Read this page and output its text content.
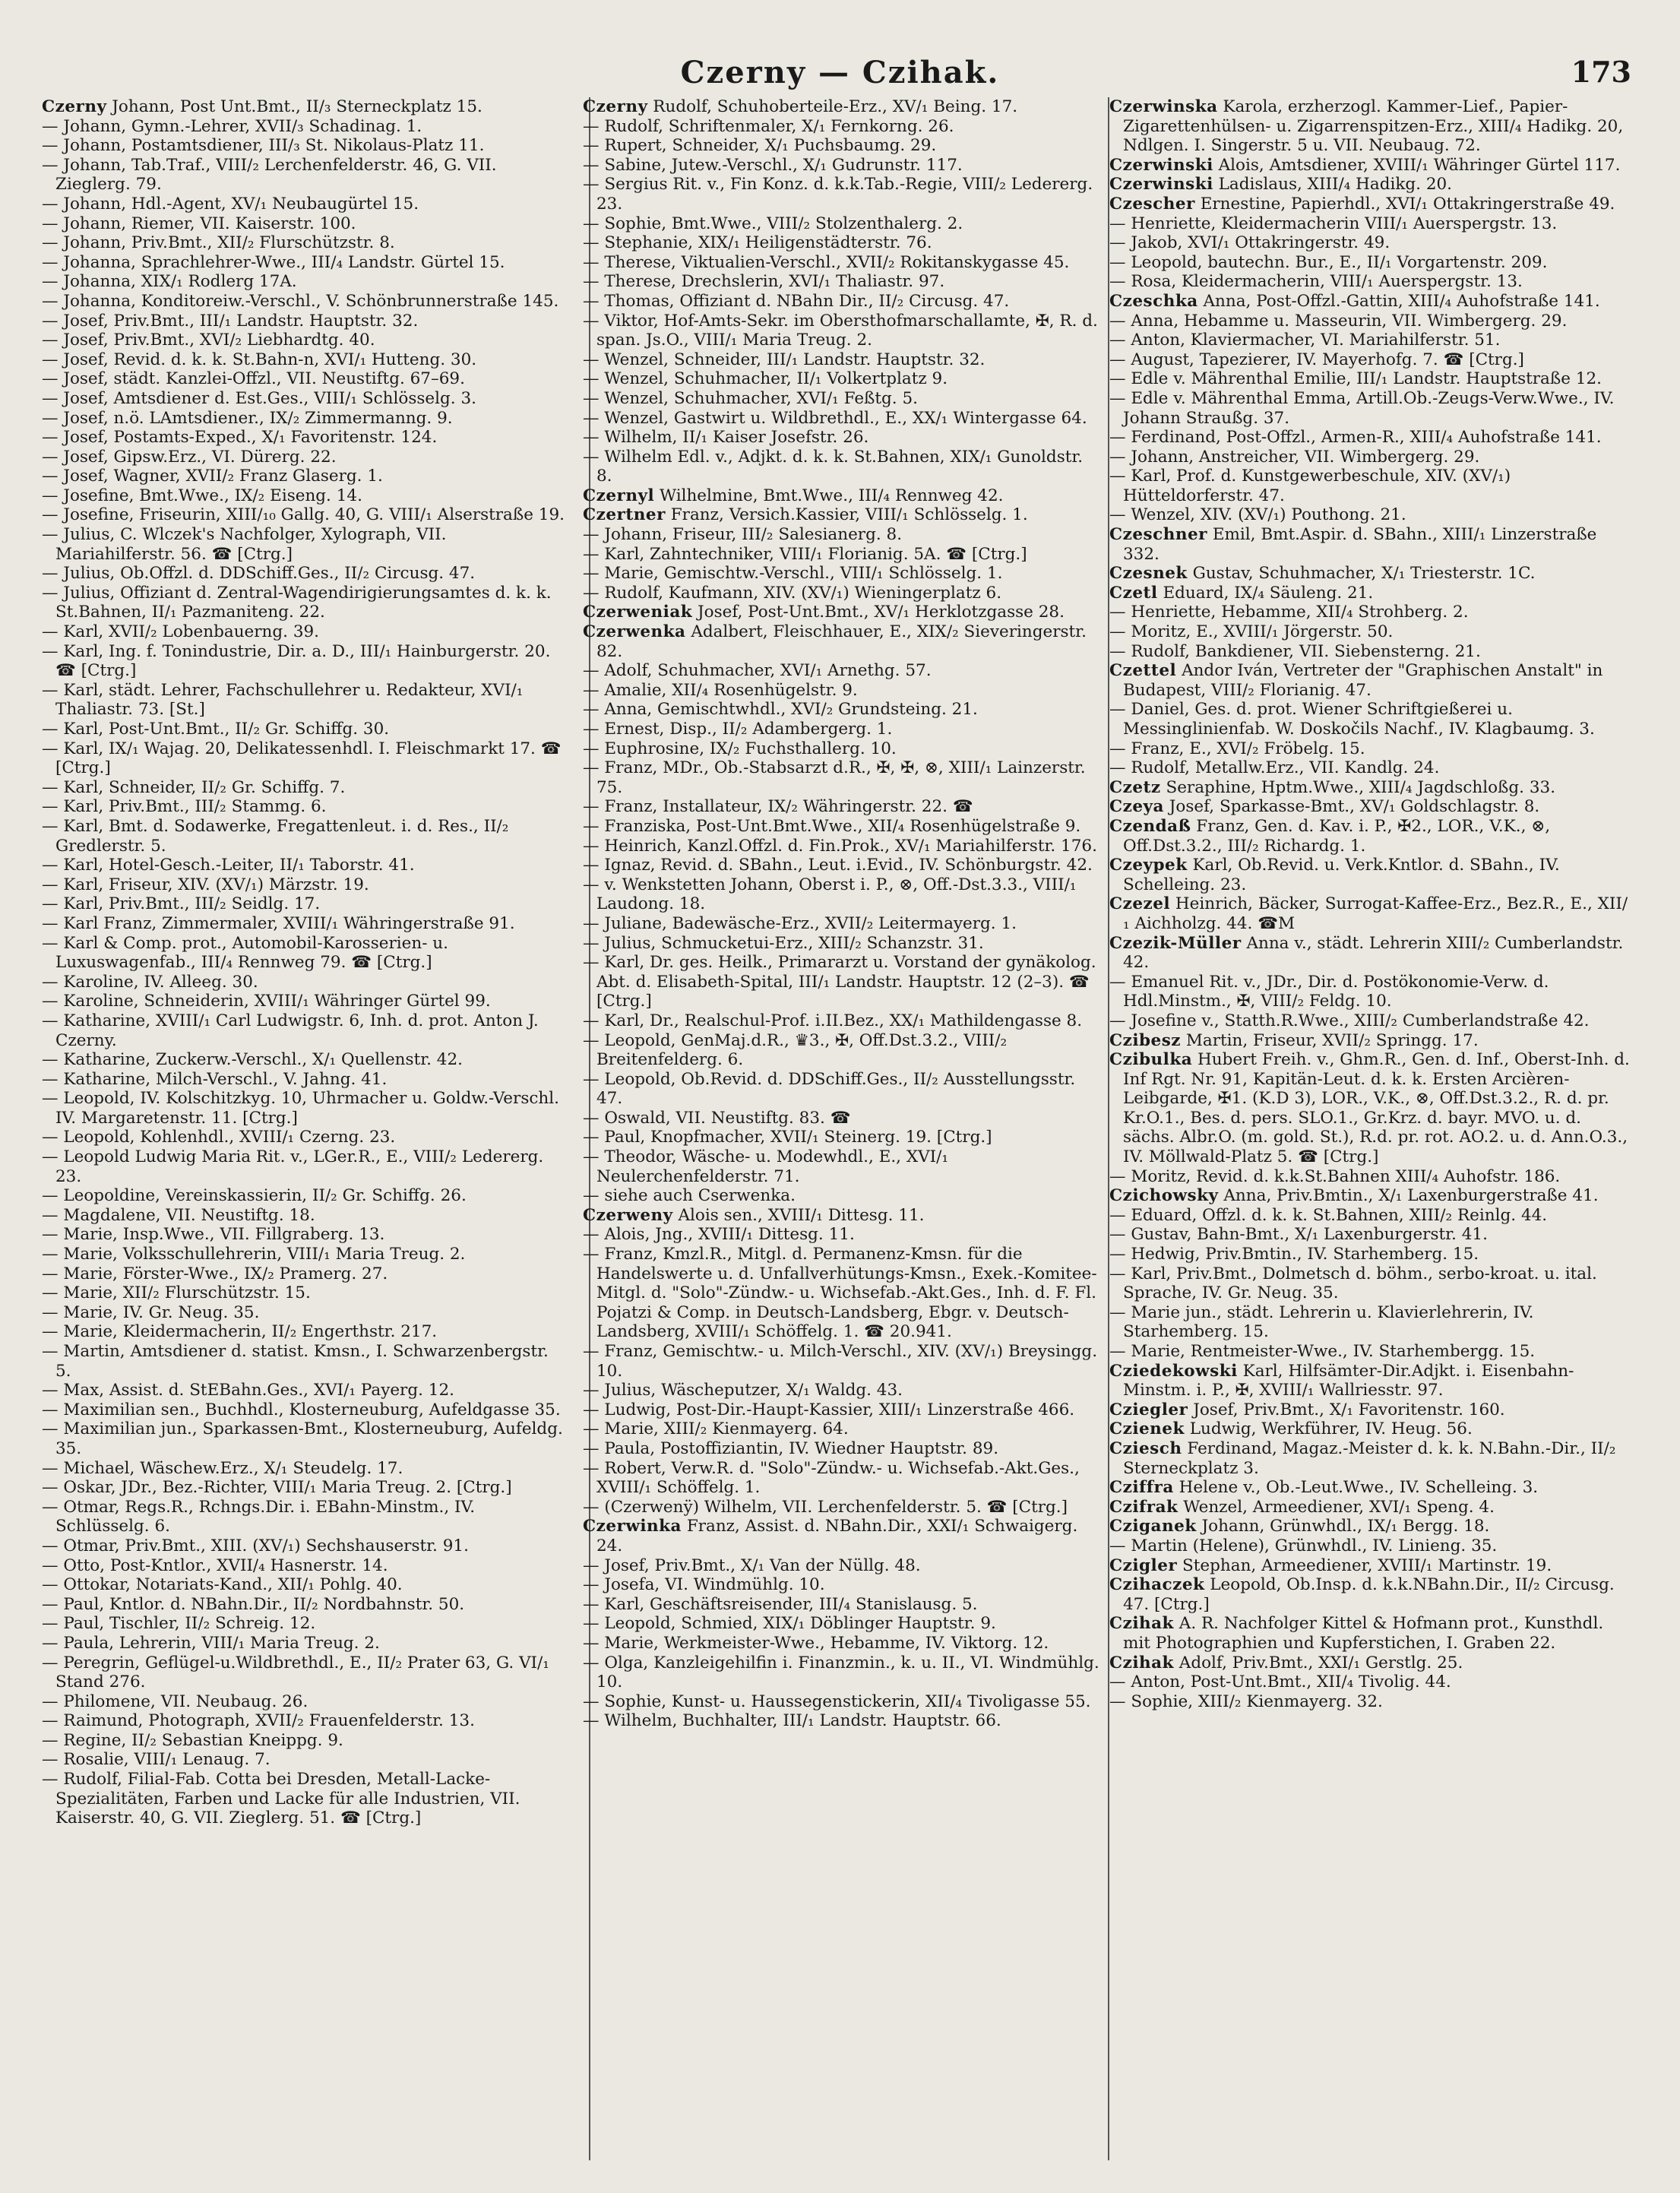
Czerny — Czihak.	173

Czerny Johann, Post Unt.Bmt., II/₃ Sterneckplatz 15.

— Johann, Gymn.-Lehrer, XVII/₃ Schadinag. 1.

— Johann, Postamtsdiener, III/₃ St. Nikolaus-Platz 11.

— Johann, Tab.Traf., VIII/₂ Lerchenfelderstr. 46, G. VII. Zieglerg. 79.

— Johann, Hdl.-Agent, XV/₁ Neubaugürtel 15.

— Johann, Riemer, VII. Kaiserstr. 100.

— Johann, Priv.Bmt., XII/₂ Flurschützstr. 8.

— Johanna, Sprachlehrer-Wwe., III/₄ Landstr. Gürtel 15.

— Johanna, XIX/₁ Rodlerg 17A.

— Johanna, Konditoreiw.-Verschl., V. Schönbrunnerstraße 145.

— Josef, Priv.Bmt., III/₁ Landstr. Hauptstr. 32.

— Josef, Priv.Bmt., XVI/₂ Liebhardtg. 40.

— Josef, Revid. d. k. k. St.Bahn-n, XVI/₁ Hutteng. 30.

— Josef, städt. Kanzlei-Offzl., VII. Neustiftg. 67–69.

— Josef, Amtsdiener d. Est.Ges., VIII/₁ Schlösselg. 3.

— Josef, n.ö. LAmtsdiener., IX/₂ Zimmermanng. 9.

— Josef, Postamts-Exped., X/₁ Favoritenstr. 124.

— Josef, Gipsw.Erz., VI. Dürerg. 22.

— Josef, Wagner, XVII/₂ Franz Glaserg. 1.

— Josefine, Bmt.Wwe., IX/₂ Eiseng. 14.

— Josefine, Friseurin, XIII/₁₀ Gallg. 40, G. VIII/₁ Alserstraße 19.

— Julius, C. Wlczek's Nachfolger, Xylograph, VII. Mariahilferstr. 56. ☎ [Ctrg.]

— Julius, Ob.Offzl. d. DDSchiff.Ges., II/₂ Circusg. 47.

— Julius, Offiziant d. Zentral-Wagendirigierungsamtes d. k. k. St.Bahnen, II/₁ Pazmaniteng. 22.

— Karl, XVII/₂ Lobenbauerng. 39.

— Karl, Ing. f. Tonindustrie, Dir. a. D., III/₁ Hainburgerstr. 20. ☎ [Ctrg.]

— Karl, städt. Lehrer, Fachschullehrer u. Redakteur, XVI/₁ Thaliastr. 73. [St.]

— Karl, Post-Unt.Bmt., II/₂ Gr. Schiffg. 30.

— Karl, IX/₁ Wajag. 20, Delikatessenhdl. I. Fleischmarkt 17. ☎ [Ctrg.]

— Karl, Schneider, II/₂ Gr. Schiffg. 7.

— Karl, Priv.Bmt., III/₂ Stammg. 6.

— Karl, Bmt. d. Sodawerke, Fregattenleut. i. d. Res., II/₂ Gredlerstr. 5.

— Karl, Hotel-Gesch.-Leiter, II/₁ Taborstr. 41.

— Karl, Friseur, XIV. (XV/₁) Märzstr. 19.

— Karl, Priv.Bmt., III/₂ Seidlg. 17.

— Karl Franz, Zimmermaler, XVIII/₁ Währingerstraße 91.

— Karl & Comp. prot., Automobil-Karosserien- u. Luxuswagenfab., III/₄ Rennweg 79. ☎ [Ctrg.]

— Karoline, IV. Alleeg. 30.

— Karoline, Schneiderin, XVIII/₁ Währinger Gürtel 99.

— Katharine, XVIII/₁ Carl Ludwigstr. 6, Inh. d. prot. Anton J. Czerny.

— Katharine, Zuckerw.-Verschl., X/₁ Quellenstr. 42.

— Katharine, Milch-Verschl., V. Jahng. 41.

— Leopold, IV. Kolschitzkyg. 10, Uhrmacher u. Goldw.-Verschl. IV. Margaretenstr. 11. [Ctrg.]

— Leopold, Kohlenhdl., XVIII/₁ Czerng. 23.

— Leopold Ludwig Maria Rit. v., LGer.R., E., VIII/₂ Ledererg. 23.

— Leopoldine, Vereinskassierin, II/₂ Gr. Schiffg. 26.

— Magdalene, VII. Neustiftg. 18.

— Marie, Insp.Wwe., VII. Fillgraberg. 13.

— Marie, Volksschullehrerin, VIII/₁ Maria Treug. 2.

— Marie, Förster-Wwe., IX/₂ Pramerg. 27.

— Marie, XII/₂ Flurschützstr. 15.

— Marie, IV. Gr. Neug. 35.

— Marie, Kleidermacherin, II/₂ Engerthstr. 217.

— Martin, Amtsdiener d. statist. Kmsn., I. Schwarzenbergstr. 5.

— Max, Assist. d. StEBahn.Ges., XVI/₁ Payerg. 12.

— Maximilian sen., Buchhdl., Klosterneuburg, Aufeldgasse 35.

— Maximilian jun., Sparkassen-Bmt., Klosterneuburg, Aufeldg. 35.

— Michael, Wäschew.Erz., X/₁ Steudelg. 17.

— Oskar, JDr., Bez.-Richter, VIII/₁ Maria Treug. 2. [Ctrg.]

— Otmar, Regs.R., Rchngs.Dir. i. EBahn-Minstm., IV. Schlüsselg. 6.

— Otmar, Priv.Bmt., XIII. (XV/₁) Sechshauserstr. 91.

— Otto, Post-Kntlor., XVII/₄ Hasnerstr. 14.

— Ottokar, Notariats-Kand., XII/₁ Pohlg. 40.

— Paul, Kntlor. d. NBahn.Dir., II/₂ Nordbahnstr. 50.

— Paul, Tischler, II/₂ Schreig. 12.

— Paula, Lehrerin, VIII/₁ Maria Treug. 2.

— Peregrin, Geflügel-u.Wildbrethdl., E., II/₂ Prater 63, G. VI/₁ Stand 276.

— Philomene, VII. Neubaug. 26.

— Raimund, Photograph, XVII/₂ Frauenfelderstr. 13.

— Regine, II/₂ Sebastian Kneippg. 9.

— Rosalie, VIII/₁ Lenaug. 7.

— Rudolf, Filial-Fab. Cotta bei Dresden, Metall-Lacke-Spezialitäten, Farben und Lacke für alle Industrien, VII. Kaiserstr. 40, G. VII. Zieglerg. 51. ☎ [Ctrg.]

Czerny Rudolf, Schuhoberteile-Erz., XV/₁ Being. 17.

— Rudolf, Schriftenmaler, X/₁ Fernkorng. 26.

— Rupert, Schneider, X/₁ Puchsbaumg. 29.

— Sabine, Jutew.-Verschl., X/₁ Gudrunstr. 117.

— Sergius Rit. v., Fin Konz. d. k.k.Tab.-Regie, VIII/₂ Ledererg. 23.

— Sophie, Bmt.Wwe., VIII/₂ Stolzenthalerg. 2.

— Stephanie, XIX/₁ Heiligenstädterstr. 76.

— Therese, Viktualien-Verschl., XVII/₂ Rokitanskygasse 45.

— Therese, Drechslerin, XVI/₁ Thaliastr. 97.

— Thomas, Offiziant d. NBahn Dir., II/₂ Circusg. 47.

— Viktor, Hof-Amts-Sekr. im Obersthofmarschallamte, ✠, R. d. span. Js.O., VIII/₁ Maria Treug. 2.

— Wenzel, Schneider, III/₁ Landstr. Hauptstr. 32.

— Wenzel, Schuhmacher, II/₁ Volkertplatz 9.

— Wenzel, Schuhmacher, XVI/₁ Feßtg. 5.

— Wenzel, Gastwirt u. Wildbrethdl., E., XX/₁ Wintergasse 64.

— Wilhelm, II/₁ Kaiser Josefstr. 26.

— Wilhelm Edl. v., Adjkt. d. k. k. St.Bahnen, XIX/₁ Gunoldstr. 8.

Czernyl Wilhelmine, Bmt.Wwe., III/₄ Rennweg 42.

Czertner Franz, Versich.Kassier, VIII/₁ Schlösselg. 1.

— Johann, Friseur, III/₂ Salesianerg. 8.

— Karl, Zahntechniker, VIII/₁ Florianig. 5A. ☎ [Ctrg.]

— Marie, Gemischtw.-Verschl., VIII/₁ Schlösselg. 1.

— Rudolf, Kaufmann, XIV. (XV/₁) Wieningerplatz 6.

Czerweniak Josef, Post-Unt.Bmt., XV/₁ Herklotzgasse 28.

Czerwenka Adalbert, Fleischhauer, E., XIX/₂ Sieveringerstr. 82.

— Adolf, Schuhmacher, XVI/₁ Arnethg. 57.

— Amalie, XII/₄ Rosenhügelstr. 9.

— Anna, Gemischtwhdl., XVI/₂ Grundsteing. 21.

— Ernest, Disp., II/₂ Adambergerg. 1.

— Euphrosine, IX/₂ Fuchsthallerg. 10.

— Franz, MDr., Ob.-Stabsarzt d.R., ✠, ✠, ⊗, XIII/₁ Lainzerstr. 75.

— Franz, Installateur, IX/₂ Währingerstr. 22. ☎

— Franziska, Post-Unt.Bmt.Wwe., XII/₄ Rosenhügelstraße 9.

— Heinrich, Kanzl.Offzl. d. Fin.Prok., XV/₁ Mariahilferstr. 176.

— Ignaz, Revid. d. SBahn., Leut. i.Evid., IV. Schönburgstr. 42.

— v. Wenkstetten Johann, Oberst i. P., ⊗, Off.-Dst.3.3., VIII/₁ Laudong. 18.

— Juliane, Badewäsche-Erz., XVII/₂ Leitermayerg. 1.

— Julius, Schmucketui-Erz., XIII/₂ Schanzstr. 31.

— Karl, Dr. ges. Heilk., Primararzt u. Vorstand der gynäkolog. Abt. d. Elisabeth-Spital, III/₁ Landstr. Hauptstr. 12 (2–3). ☎ [Ctrg.]

— Karl, Dr., Realschul-Prof. i.II.Bez., XX/₁ Mathildengasse 8.

— Leopold, GenMaj.d.R., ♛3., ✠, Off.Dst.3.2., VIII/₂ Breitenfelderg. 6.

— Leopold, Ob.Revid. d. DDSchiff.Ges., II/₂ Ausstellungsstr. 47.

— Oswald, VII. Neustiftg. 83. ☎

— Paul, Knopfmacher, XVII/₁ Steinerg. 19. [Ctrg.]

— Theodor, Wäsche- u. Modewhdl., E., XVI/₁ Neulerchenfelderstr. 71.

— siehe auch Cserwenka.

Czerweny Alois sen., XVIII/₁ Dittesg. 11.

— Alois, Jng., XVIII/₁ Dittesg. 11.

— Franz, Kmzl.R., Mitgl. d. Permanenz-Kmsn. für die Handelswerte u. d. Unfallverhütungs-Kmsn., Exek.-Komitee-Mitgl. d. "Solo"-Zündw.- u. Wichsefab.-Akt.Ges., Inh. d. F. Fl. Pojatzi & Comp. in Deutsch-Landsberg, Ebgr. v. Deutsch-Landsberg, XVIII/₁ Schöffelg. 1. ☎ 20.941.

— Franz, Gemischtw.- u. Milch-Verschl., XIV. (XV/₁) Breysingg. 10.

— Julius, Wäscheputzer, X/₁ Waldg. 43.

— Ludwig, Post-Dir.-Haupt-Kassier, XIII/₁ Linzerstraße 466.

— Marie, XIII/₂ Kienmayerg. 64.

— Paula, Postoffiziantin, IV. Wiedner Hauptstr. 89.

— Robert, Verw.R. d. "Solo"-Zündw.- u. Wichsefab.-Akt.Ges., XVIII/₁ Schöffelg. 1.

— (Czerwenÿ) Wilhelm, VII. Lerchenfelderstr. 5. ☎ [Ctrg.]

Czerwinka Franz, Assist. d. NBahn.Dir., XXI/₁ Schwaigerg. 24.

— Josef, Priv.Bmt., X/₁ Van der Nüllg. 48.

— Josefa, VI. Windmühlg. 10.

— Karl, Geschäftsreisender, III/₄ Stanislausg. 5.

— Leopold, Schmied, XIX/₁ Döblinger Hauptstr. 9.

— Marie, Werkmeister-Wwe., Hebamme, IV. Viktorg. 12.

— Olga, Kanzleigehilfin i. Finanzmin., k. u. II., VI. Windmühlg. 10.

— Sophie, Kunst- u. Haussegenstickerin, XII/₄ Tivoligasse 55.

— Wilhelm, Buchhalter, III/₁ Landstr. Hauptstr. 66.

Czerwinska Karola, erzherzogl. Kammer-Lief., Papier-Zigarettenhülsen- u. Zigarrenspitzen-Erz., XIII/₄ Hadikg. 20, Ndlgen. I. Singerstr. 5 u. VII. Neubaug. 72.

Czerwinski Alois, Amtsdiener, XVIII/₁ Währinger Gürtel 117.

Czerwinski Ladislaus, XIII/₄ Hadikg. 20.

Czescher Ernestine, Papierhdl., XVI/₁ Ottakringerstraße 49.

— Henriette, Kleidermacherin VIII/₁ Auerspergstr. 13.

— Jakob, XVI/₁ Ottakringerstr. 49.

— Leopold, bautechn. Bur., E., II/₁ Vorgartenstr. 209.

— Rosa, Kleidermacherin, VIII/₁ Auerspergstr. 13.

Czeschka Anna, Post-Offzl.-Gattin, XIII/₄ Auhofstraße 141.

— Anna, Hebamme u. Masseurin, VII. Wimbergerg. 29.

— Anton, Klaviermacher, VI. Mariahilferstr. 51.

— August, Tapezierer, IV. Mayerhofg. 7. ☎ [Ctrg.]

— Edle v. Mährenthal Emilie, III/₁ Landstr. Hauptstraße 12.

— Edle v. Mährenthal Emma, Artill.Ob.-Zeugs-Verw.Wwe., IV. Johann Straußg. 37.

— Ferdinand, Post-Offzl., Armen-R., XIII/₄ Auhofstraße 141.

— Johann, Anstreicher, VII. Wimbergerg. 29.

— Karl, Prof. d. Kunstgewerbeschule, XIV. (XV/₁) Hütteldorferstr. 47.

— Wenzel, XIV. (XV/₁) Pouthong. 21.

Czeschner Emil, Bmt.Aspir. d. SBahn., XIII/₁ Linzerstraße 332.

Czesnek Gustav, Schuhmacher, X/₁ Triesterstr. 1C.

Czetl Eduard, IX/₄ Säuleng. 21.

— Henriette, Hebamme, XII/₄ Strohberg. 2.

— Moritz, E., XVIII/₁ Jörgerstr. 50.

— Rudolf, Bankdiener, VII. Siebensterng. 21.

Czettel Andor Iván, Vertreter der "Graphischen Anstalt" in Budapest, VIII/₂ Florianig. 47.

— Daniel, Ges. d. prot. Wiener Schriftgießerei u. Messinglinienfab. W. Doskočils Nachf., IV. Klagbaumg. 3.

— Franz, E., XVI/₂ Fröbelg. 15.

— Rudolf, Metallw.Erz., VII. Kandlg. 24.

Czetz Seraphine, Hptm.Wwe., XIII/₄ Jagdschloßg. 33.

Czeya Josef, Sparkasse-Bmt., XV/₁ Goldschlagstr. 8.

Czendaß Franz, Gen. d. Kav. i. P., ✠2., LOR., V.K., ⊗, Off.Dst.3.2., III/₂ Richardg. 1.

Czeypek Karl, Ob.Revid. u. Verk.Kntlor. d. SBahn., IV. Schelleing. 23.

Czezel Heinrich, Bäcker, Surrogat-Kaffee-Erz., Bez.R., E., XII/₁ Aichholzg. 44. ☎M

Czezik-Müller Anna v., städt. Lehrerin XIII/₂ Cumberlandstr. 42.

— Emanuel Rit. v., JDr., Dir. d. Postökonomie-Verw. d. Hdl.Minstm., ✠, VIII/₂ Feldg. 10.

— Josefine v., Statth.R.Wwe., XIII/₂ Cumberlandstraße 42.

Czibesz Martin, Friseur, XVII/₂ Springg. 17.

Czibulka Hubert Freih. v., Ghm.R., Gen. d. Inf., Oberst-Inh. d. Inf Rgt. Nr. 91, Kapitän-Leut. d. k. k. Ersten Arcièren-Leibgarde, ✠1. (K.D 3), LOR., V.K., ⊗, Off.Dst.3.2., R. d. pr. Kr.O.1., Bes. d. pers. SLO.1., Gr.Krz. d. bayr. MVO. u. d. sächs. Albr.O. (m. gold. St.), R.d. pr. rot. AO.2. u. d. Ann.O.3., IV. Möllwald-Platz 5. ☎ [Ctrg.]

— Moritz, Revid. d. k.k.St.Bahnen XIII/₄ Auhofstr. 186.

Czichowsky Anna, Priv.Bmtin., X/₁ Laxenburgerstraße 41.

— Eduard, Offzl. d. k. k. St.Bahnen, XIII/₂ Reinlg. 44.

— Gustav, Bahn-Bmt., X/₁ Laxenburgerstr. 41.

— Hedwig, Priv.Bmtin., IV. Starhemberg. 15.

— Karl, Priv.Bmt., Dolmetsch d. böhm., serbo-kroat. u. ital. Sprache, IV. Gr. Neug. 35.

— Marie jun., städt. Lehrerin u. Klavierlehrerin, IV. Starhemberg. 15.

— Marie, Rentmeister-Wwe., IV. Starhembergg. 15.

Cziedekowski Karl, Hilfsämter-Dir.Adjkt. i. Eisenbahn-Minstm. i. P., ✠, XVIII/₁ Wallriesstr. 97.

Cziegler Josef, Priv.Bmt., X/₁ Favoritenstr. 160.

Czienek Ludwig, Werkführer, IV. Heug. 56.

Cziesch Ferdinand, Magaz.-Meister d. k. k. N.Bahn.-Dir., II/₂ Sterneckplatz 3.

Cziffra Helene v., Ob.-Leut.Wwe., IV. Schelleing. 3.

Czifrak Wenzel, Armeediener, XVI/₁ Speng. 4.

Cziganek Johann, Grünwhdl., IX/₁ Bergg. 18.

— Martin (Helene), Grünwhdl., IV. Linieng. 35.

Czigler Stephan, Armeediener, XVIII/₁ Martinstr. 19.

Czihaczek Leopold, Ob.Insp. d. k.k.NBahn.Dir., II/₂ Circusg. 47. [Ctrg.]

Czihak A. R. Nachfolger Kittel & Hofmann prot., Kunsthdl. mit Photographien und Kupferstichen, I. Graben 22.

Czihak Adolf, Priv.Bmt., XXI/₁ Gerstlg. 25.

— Anton, Post-Unt.Bmt., XII/₄ Tivolig. 44.

— Sophie, XIII/₂ Kienmayerg. 32.
